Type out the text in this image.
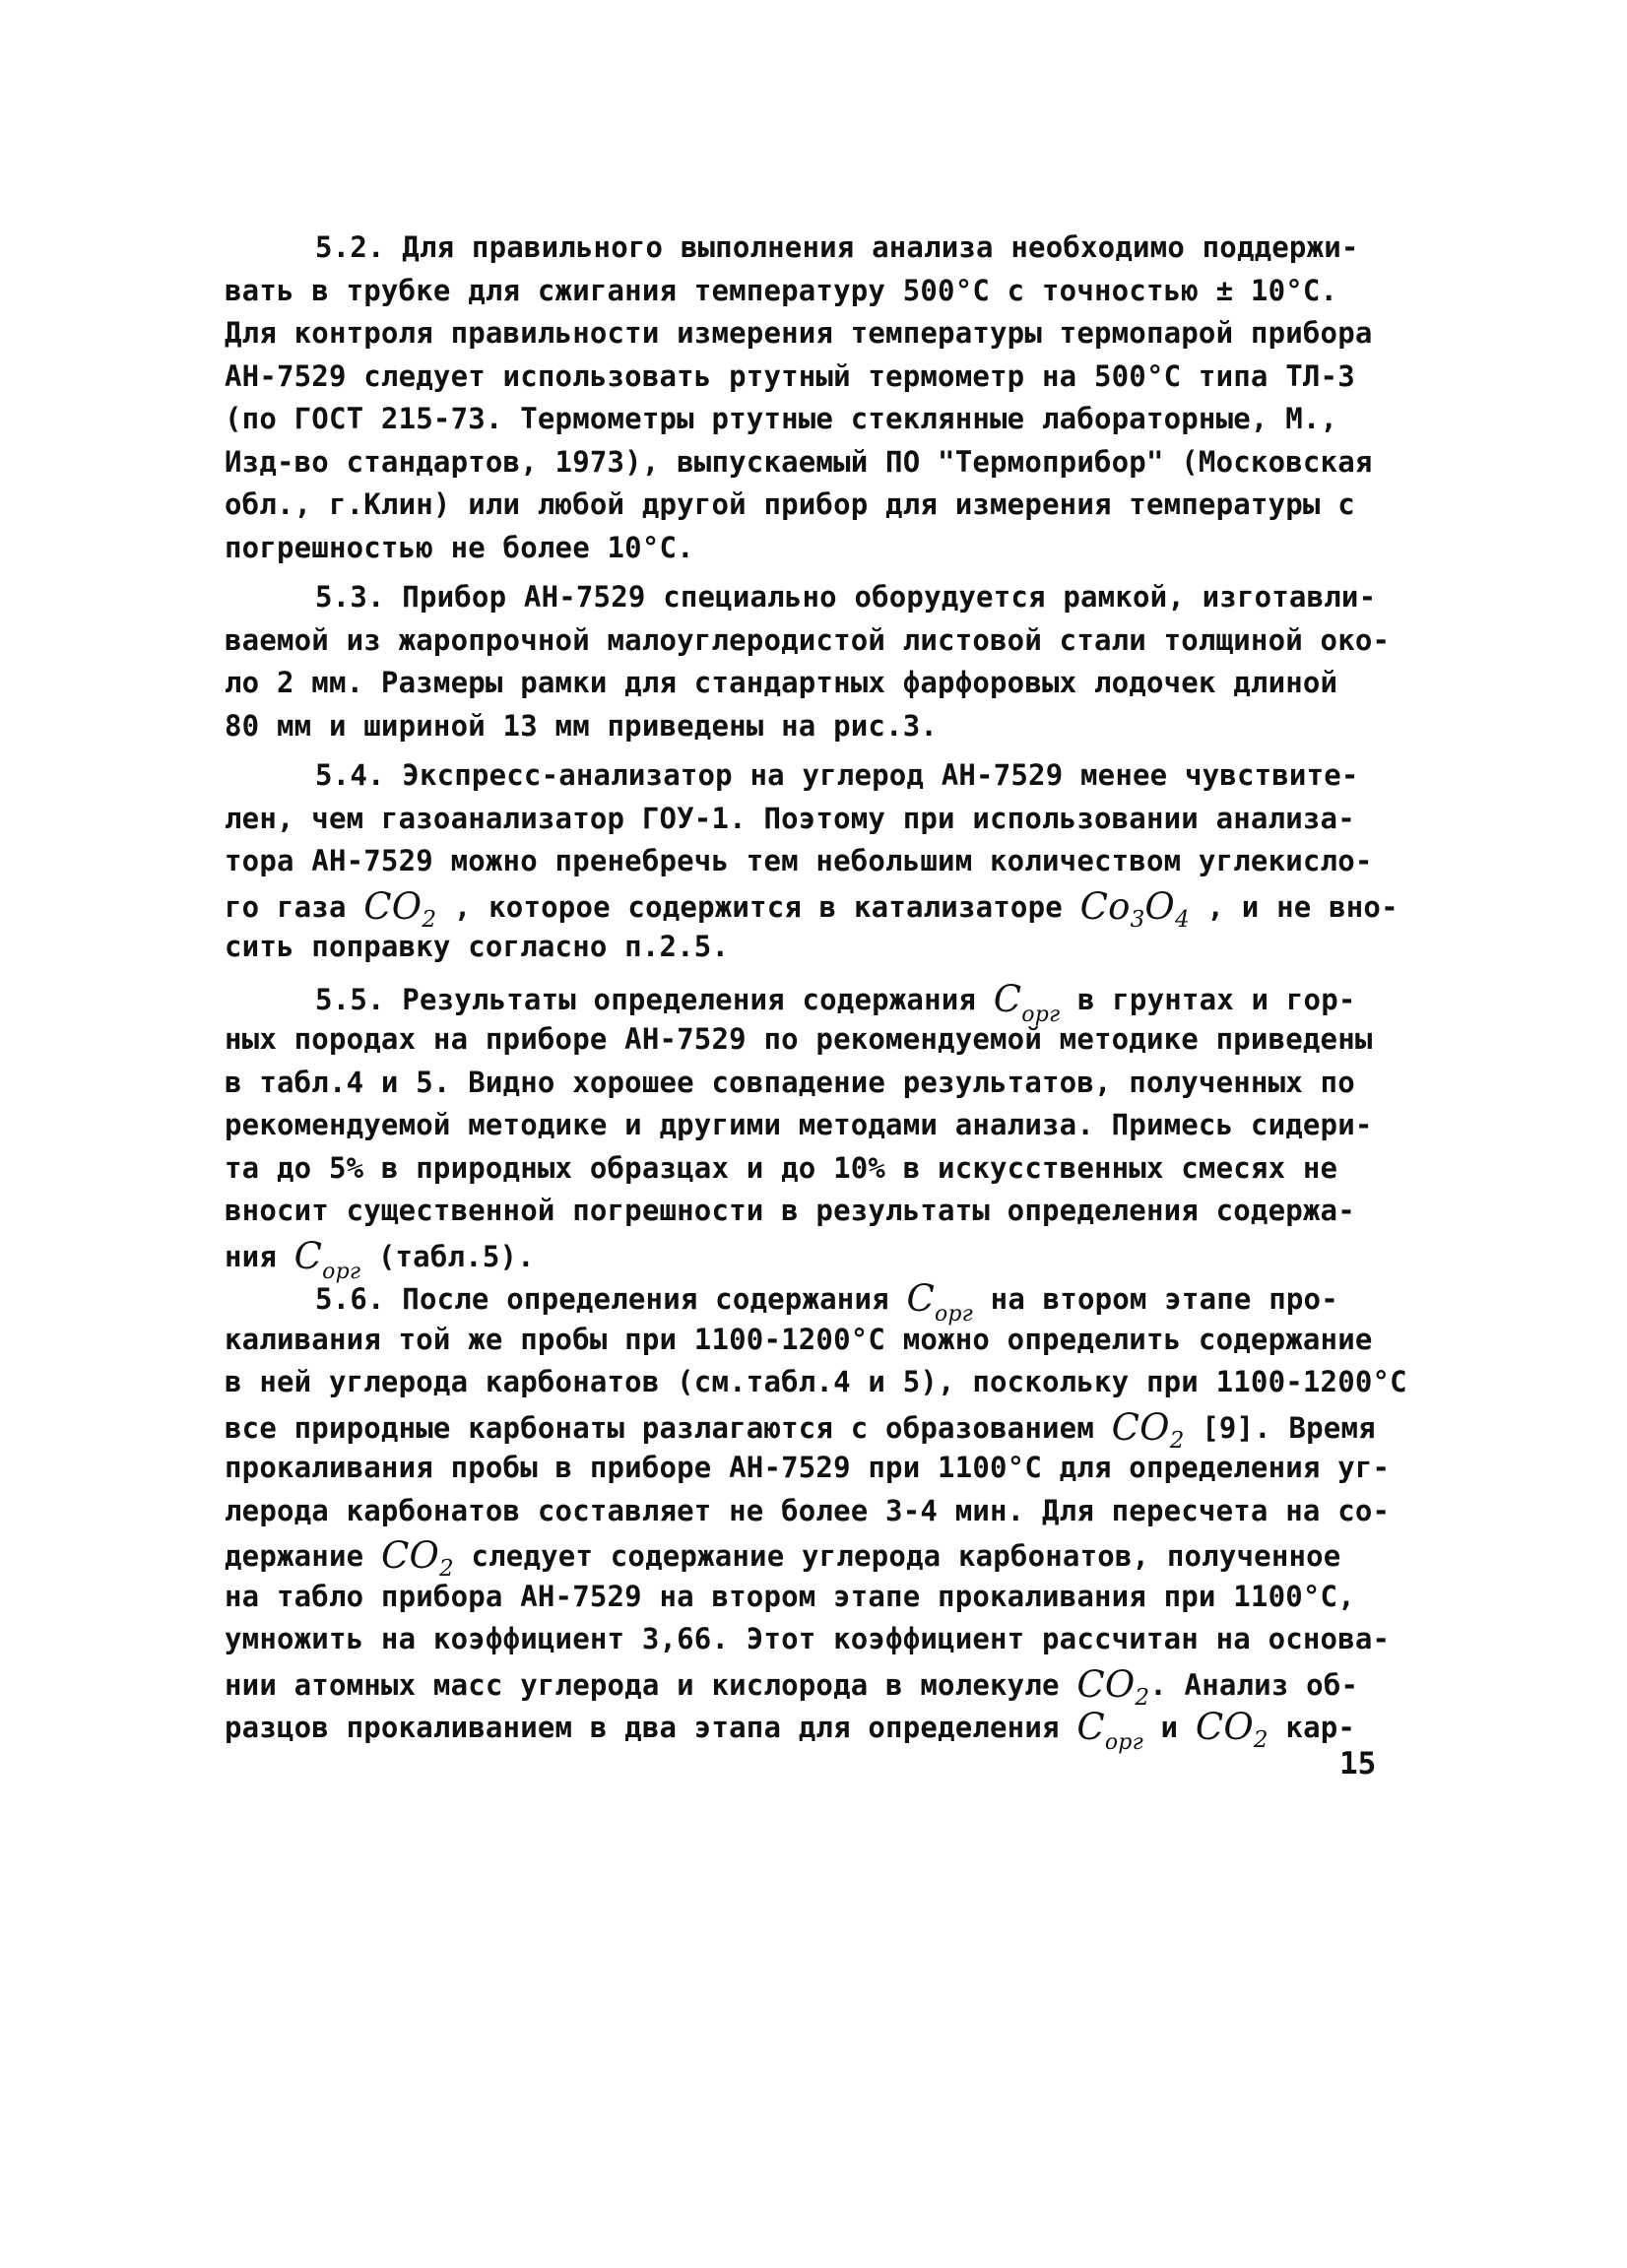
5.2. Для правильного выполнения анализа необходимо поддержи-
вать в трубке для сжигания температуру 500°С с точностью ± 10°С.
Для контроля правильности измерения температуры термопарой прибора
АН-7529 следует использовать ртутный термометр на 500°С типа ТЛ-3
(по ГОСТ 215-73. Термометры ртутные стеклянные лабораторные, М.,
Изд-во стандартов, 1973), выпускаемый ПО "Термоприбор" (Московская
обл., г.Клин) или любой другой прибор для измерения температуры с
погрешностью не более 10°С.
5.3. Прибор АН-7529 специально оборудуется рамкой, изготавли-
ваемой из жаропрочной малоуглеродистой листовой стали толщиной око-
ло 2 мм. Размеры рамки для стандартных фарфоровых лодочек длиной
80 мм и шириной 13 мм приведены на рис.3.
5.4. Экспресс-анализатор на углерод АН-7529 менее чувствите-
лен, чем газоанализатор ГОУ-1. Поэтому при использовании анализа-
тора АН-7529 можно пренебречь тем небольшим количеством углекисло-
го газа $CO_2$ , которое содержится в катализаторе $Co_3O_4$ , и не вно-
сить поправку согласно п.2.5.
5.5. Результаты определения содержания $C_{орг}$ в грунтах и гор-
ных породах на приборе АН-7529 по рекомендуемой методике приведены
в табл.4 и 5. Видно хорошее совпадение результатов, полученных по
рекомендуемой методике и другими методами анализа. Примесь сидери-
та до 5% в природных образцах и до 10% в искусственных смесях не
вносит существенной погрешности в результаты определения содержа-
ния $C_{орг}$ (табл.5).
5.6. После определения содержания $C_{орг}$ на втором этапе про-
каливания той же пробы при 1100-1200°С можно определить содержание
в ней углерода карбонатов (см.табл.4 и 5), поскольку при 1100-1200°С
все природные карбонаты разлагаются с образованием $CO_2$ [9]. Время
прокаливания пробы в приборе АН-7529 при 1100°С для определения уг-
лерода карбонатов составляет не более 3-4 мин. Для пересчета на со-
держание $CO_2$ следует содержание углерода карбонатов, полученное
на табло прибора АН-7529 на втором этапе прокаливания при 1100°С,
умножить на коэффициент 3,66. Этот коэффициент рассчитан на основа-
нии атомных масс углерода и кислорода в молекуле $CO_2$. Анализ об-
разцов прокаливанием в два этапа для определения $C_{орг}$ и $CO_2$ кар-
15
